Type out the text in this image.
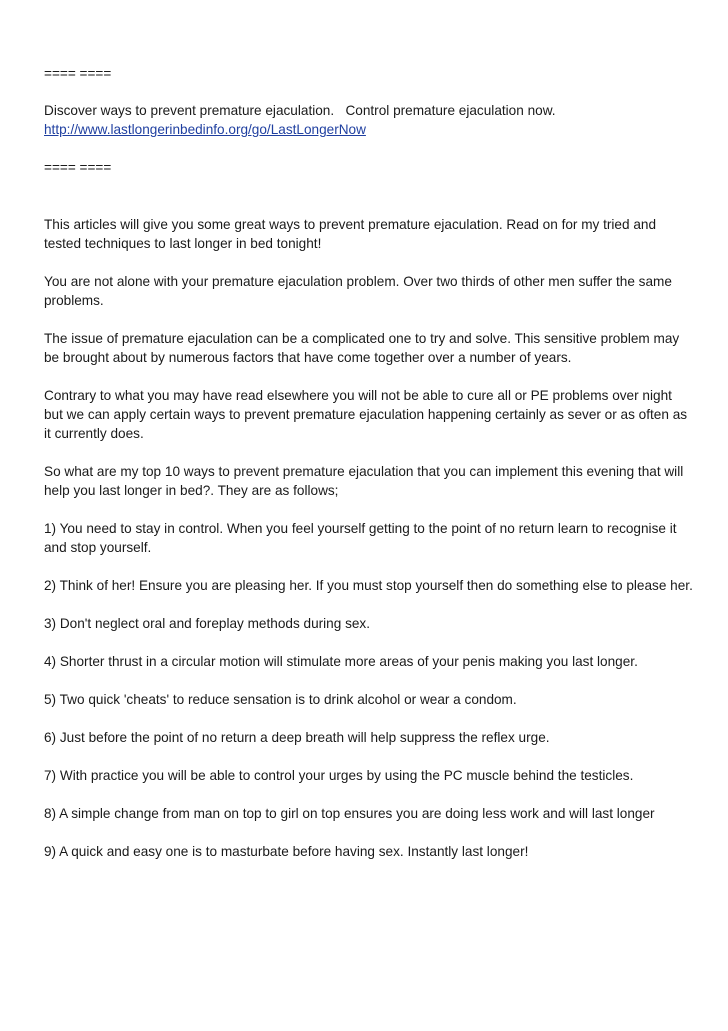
==== ====

Discover ways to prevent premature ejaculation.   Control premature ejaculation now.
http://www.lastlongerinbedinfo.org/go/LastLongerNow

==== ====

This articles will give you some great ways to prevent premature ejaculation. Read on for my tried and tested techniques to last longer in bed tonight!

You are not alone with your premature ejaculation problem. Over two thirds of other men suffer the same problems.

The issue of premature ejaculation can be a complicated one to try and solve. This sensitive problem may be brought about by numerous factors that have come together over a number of years.

Contrary to what you may have read elsewhere you will not be able to cure all or PE problems over night but we can apply certain ways to prevent premature ejaculation happening certainly as sever or as often as it currently does.

So what are my top 10 ways to prevent premature ejaculation that you can implement this evening that will help you last longer in bed?. They are as follows;

1) You need to stay in control. When you feel yourself getting to the point of no return learn to recognise it and stop yourself.

2) Think of her! Ensure you are pleasing her. If you must stop yourself then do something else to please her.

3) Don't neglect oral and foreplay methods during sex.

4) Shorter thrust in a circular motion will stimulate more areas of your penis making you last longer.

5) Two quick 'cheats' to reduce sensation is to drink alcohol or wear a condom.

6) Just before the point of no return a deep breath will help suppress the reflex urge.

7) With practice you will be able to control your urges by using the PC muscle behind the testicles.

8) A simple change from man on top to girl on top ensures you are doing less work and will last longer

9) A quick and easy one is to masturbate before having sex. Instantly last longer!
